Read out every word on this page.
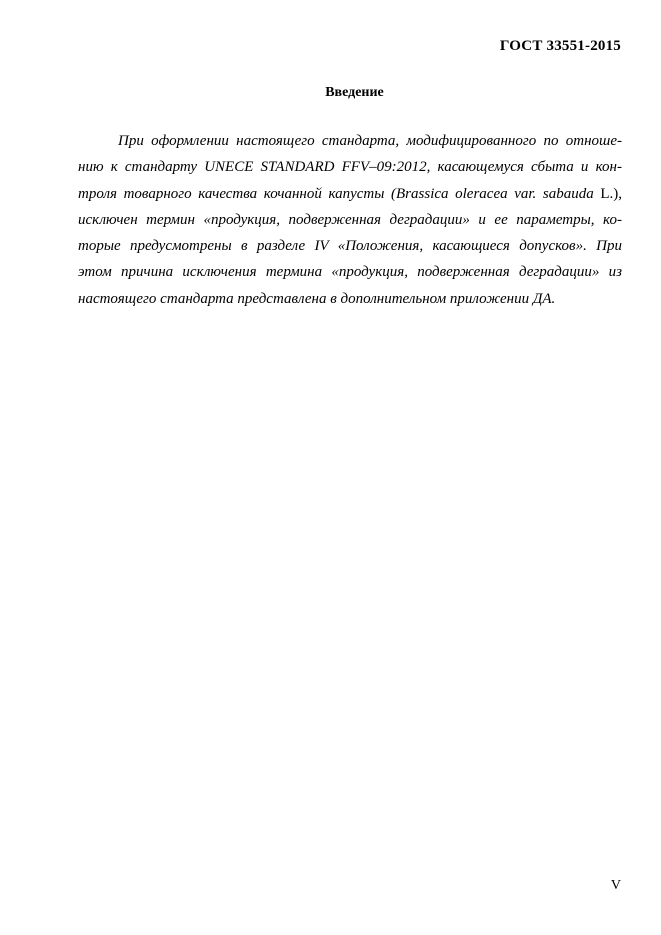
ГОСТ 33551-2015
Введение
При оформлении настоящего стандарта, модифицированного по отноше-
нию к стандарту UNECE STANDARD FFV–09:2012, касающемуся сбыта и кон-
троля товарного качества кочанной капусты (Brassica oleracea var. sabauda L.),
исключен термин «продукция, подверженная деградации» и ее параметры, ко-
торые предусмотрены в разделе IV «Положения, касающиеся допусков». При
этом причина исключения термина «продукция, подверженная деградации» из
настоящего стандарта представлена в дополнительном приложении ДА.
V
